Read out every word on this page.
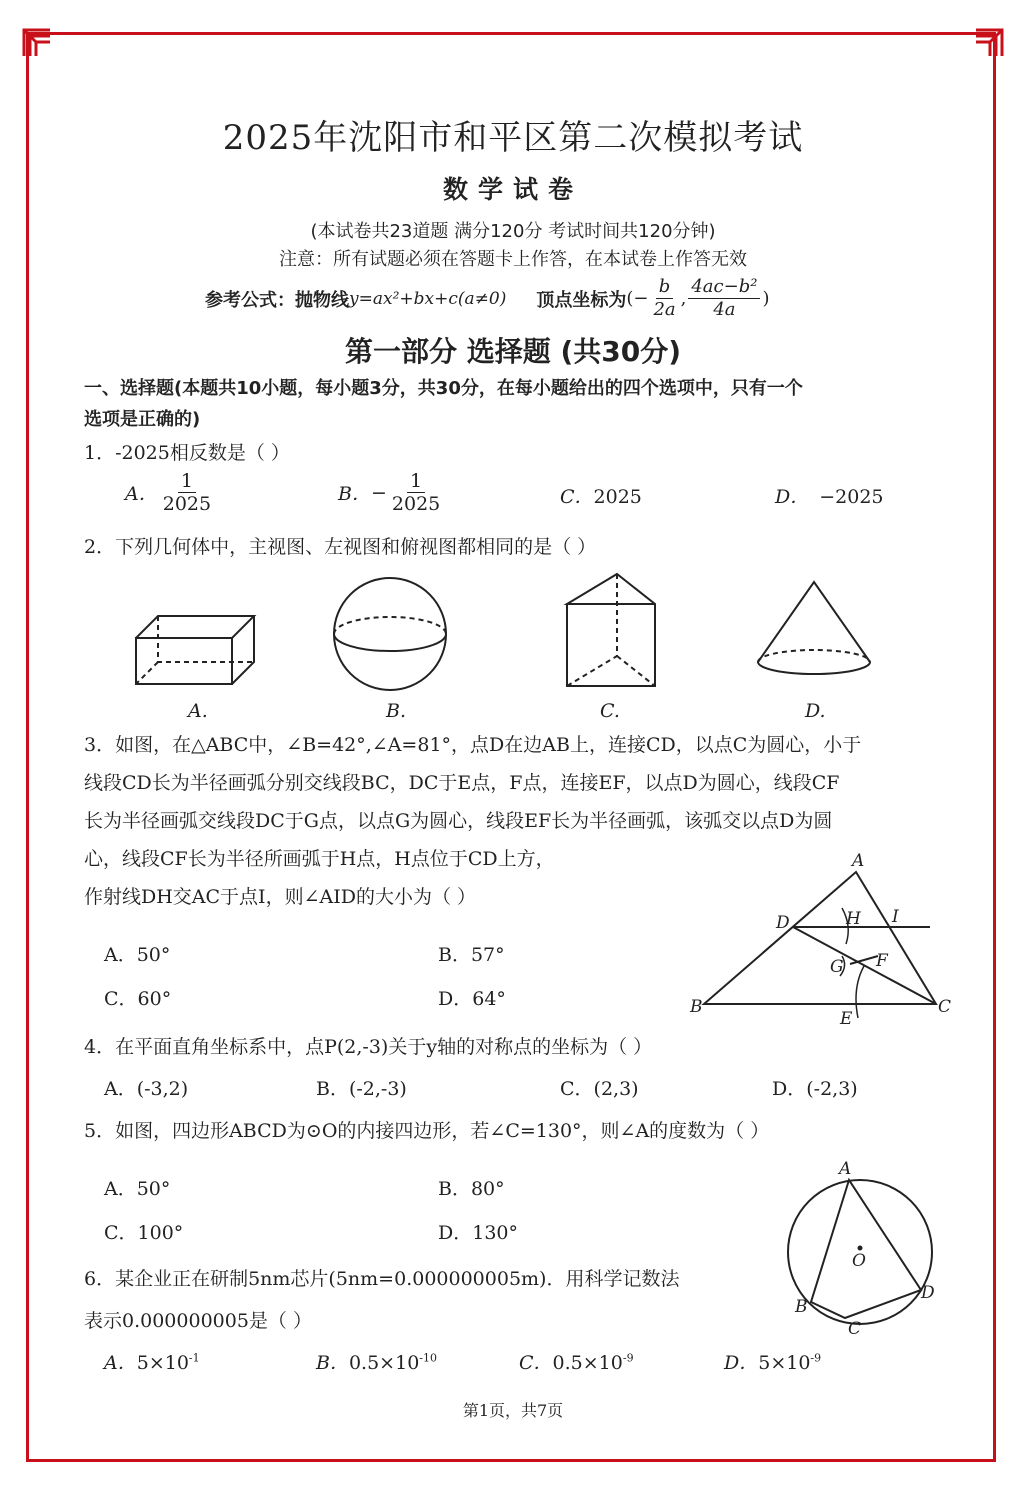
2025年沈阳市和平区第二次模拟考试
数学试卷
(本试卷共23道题 满分120分 考试时间共120分钟)
注意：所有试题必须在答题卡上作答，在本试卷上作答无效
参考公式：抛物线 y=ax²+bx+c(a≠0) 顶点坐标为 (− $\frac{b}{2a}$ , $\frac{\text{4ac−b²}}{4a}$ )
第一部分 选择题 (共30分)
一、选择题(本题共10小题，每小题3分，共30分，在每小题给出的四个选项中，只有一个
选项是正确的)
1．-2025相反数是（ ）
A． $\frac{1}{2025}$	B． − $\frac{1}{2025}$	C．2025	D． −2025
2．下列几何体中，主视图、左视图和俯视图都相同的是（ ）
A.	B.	C.	D.
3．如图，在△ABC中，∠B=42°,∠A=81°，点D在边AB上，连接CD，以点C为圆心，小于
线段CD长为半径画弧分别交线段BC，DC于E点，F点，连接EF，以点D为圆心，线段CF
长为半径画弧交线段DC于G点，以点G为圆心，线段EF长为半径画弧，该弧交以点D为圆
心，线段CF长为半径所画弧于H点，H点位于CD上方，
作射线DH交AC于点I，则∠AID的大小为（ ）
A．50°	B．57°
C．60°	D．64°
A
B	C
D
E
F
G
H I
4．在平面直角坐标系中，点P(2,-3)关于y轴的对称点的坐标为（ ）
A．(-3,2)	B．(-2,-3)	C．(2,3)	D．(-2,3)
5．如图，四边形ABCD为⊙O的内接四边形，若∠C=130°，则∠A的度数为（ ）
A．50°	B．80°
C．100°	D．130°
A
B
C
D
O
6．某企业正在研制5nm芯片(5nm=0.000000005m)．用科学记数法
表示0.000000005是（ ）
A．$5\times 10^{-1}$	B．$0.5\times 10^{-10}$	C．$0.5\times 10^{-9}$	D．$5\times 10^{-9}$
第1页，共7页
